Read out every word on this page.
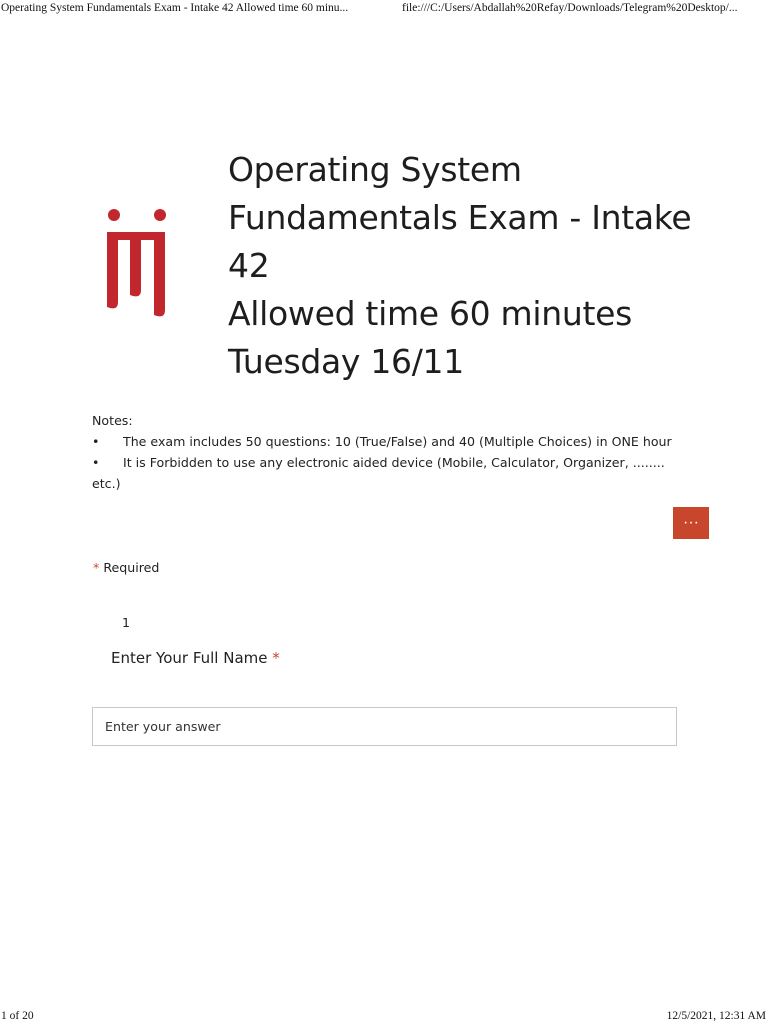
Operating System Fundamentals Exam - Intake 42 Allowed time 60 minu...	file:///C:/Users/Abdallah%20Refay/Downloads/Telegram%20Desktop/...
Operating System
Fundamentals Exam - Intake
42
Allowed time 60 minutes
Tuesday 16/11
Notes:
• The exam includes 50 questions: 10 (True/False) and 40 (Multiple Choices) in ONE hour
• It is Forbidden to use any electronic aided device (Mobile, Calculator, Organizer, ........
etc.)
···
* Required
1
Enter Your Full Name *
Enter your answer
1 of 20	12/5/2021, 12:31 AM
